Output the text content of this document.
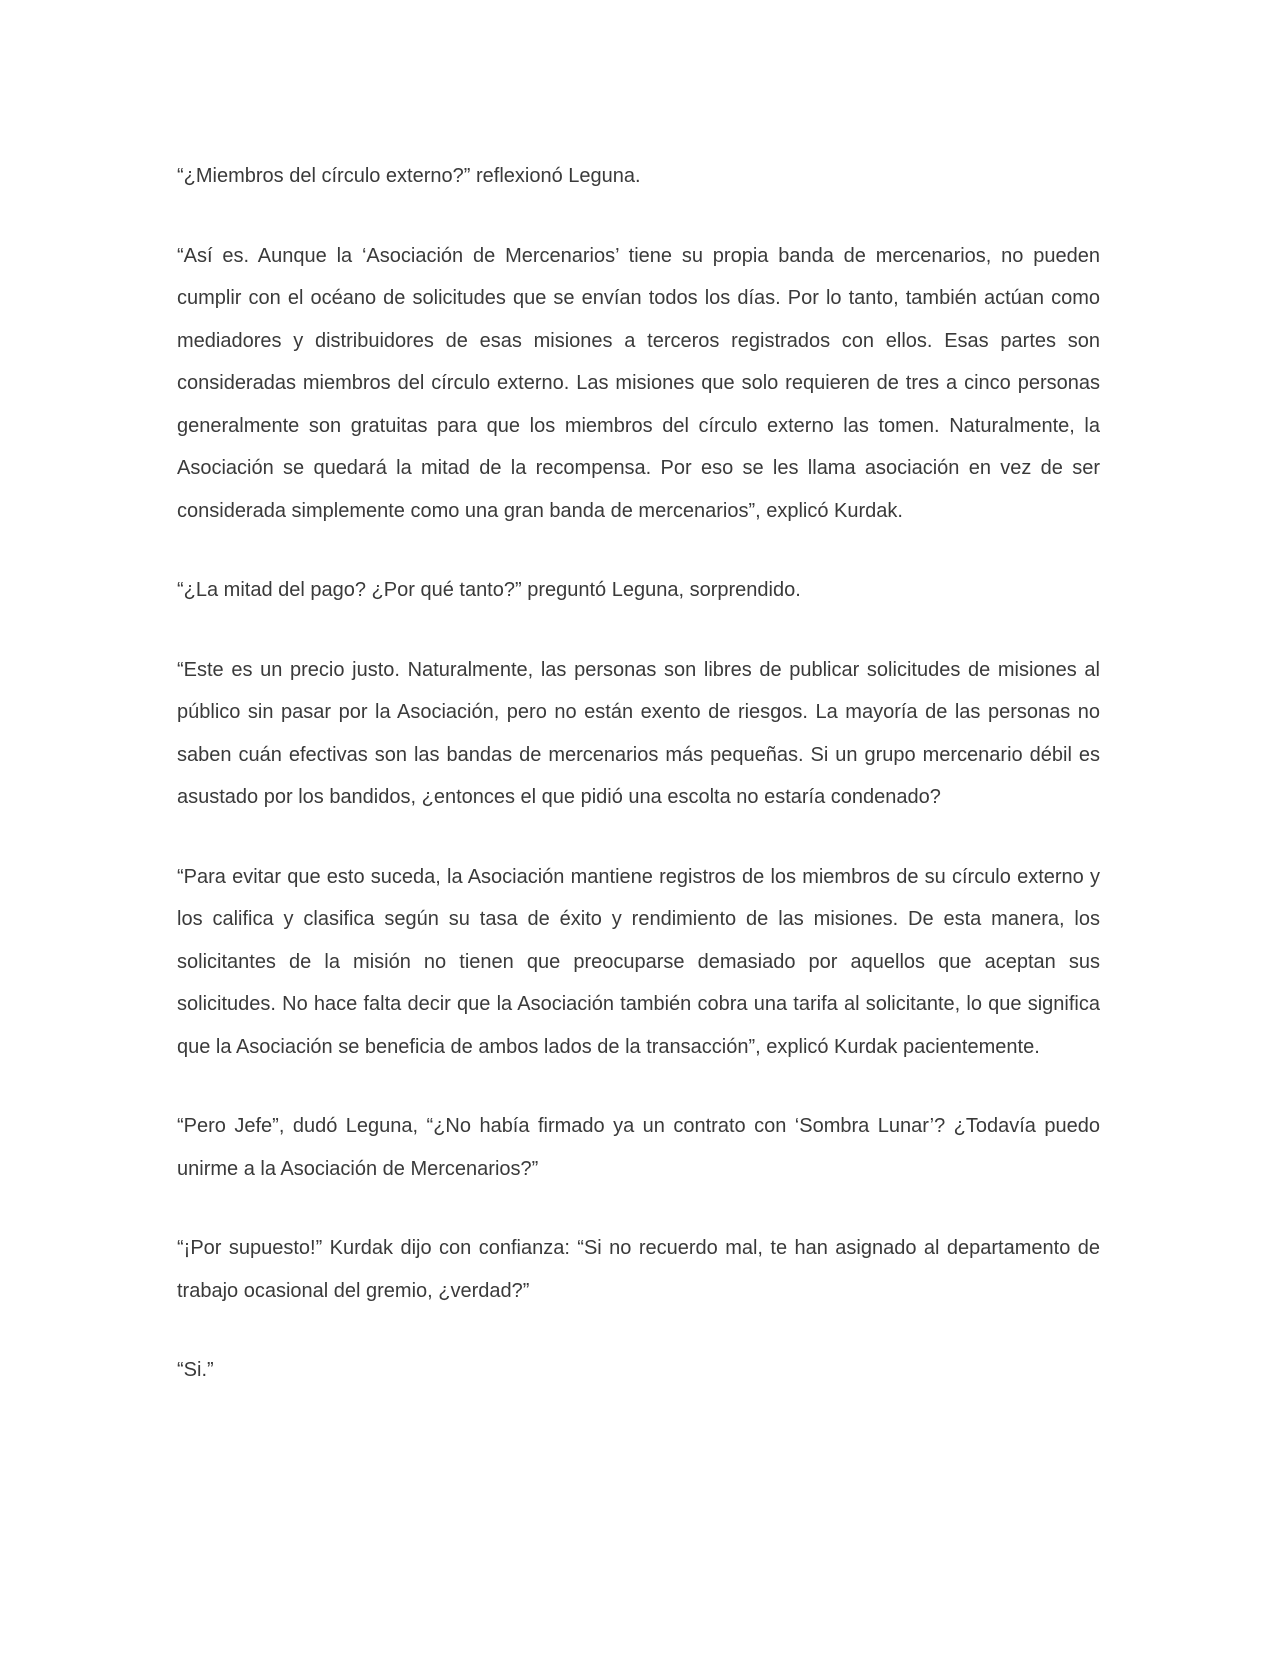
“¿Miembros del círculo externo?” reflexionó Leguna.

“Así es. Aunque la ‘Asociación de Mercenarios’ tiene su propia banda de mercenarios, no pueden cumplir con el océano de solicitudes que se envían todos los días. Por lo tanto, también actúan como mediadores y distribuidores de esas misiones a terceros registrados con ellos. Esas partes son consideradas miembros del círculo externo. Las misiones que solo requieren de tres a cinco personas generalmente son gratuitas para que los miembros del círculo externo las tomen. Naturalmente, la Asociación se quedará la mitad de la recompensa. Por eso se les llama asociación en vez de ser considerada simplemente como una gran banda de mercenarios”, explicó Kurdak.

“¿La mitad del pago? ¿Por qué tanto?” preguntó Leguna, sorprendido.

“Este es un precio justo. Naturalmente, las personas son libres de publicar solicitudes de misiones al público sin pasar por la Asociación, pero no están exento de riesgos. La mayoría de las personas no saben cuán efectivas son las bandas de mercenarios más pequeñas. Si un grupo mercenario débil es asustado por los bandidos, ¿entonces el que pidió una escolta no estaría condenado?

“Para evitar que esto suceda, la Asociación mantiene registros de los miembros de su círculo externo y los califica y clasifica según su tasa de éxito y rendimiento de las misiones. De esta manera, los solicitantes de la misión no tienen que preocuparse demasiado por aquellos que aceptan sus solicitudes. No hace falta decir que la Asociación también cobra una tarifa al solicitante, lo que significa que la Asociación se beneficia de ambos lados de la transacción”, explicó Kurdak pacientemente.

“Pero Jefe”, dudó Leguna, “¿No había firmado ya un contrato con ‘Sombra Lunar’? ¿Todavía puedo unirme a la Asociación de Mercenarios?”

“¡Por supuesto!” Kurdak dijo con confianza: “Si no recuerdo mal, te han asignado al departamento de trabajo ocasional del gremio, ¿verdad?”

“Si.”
